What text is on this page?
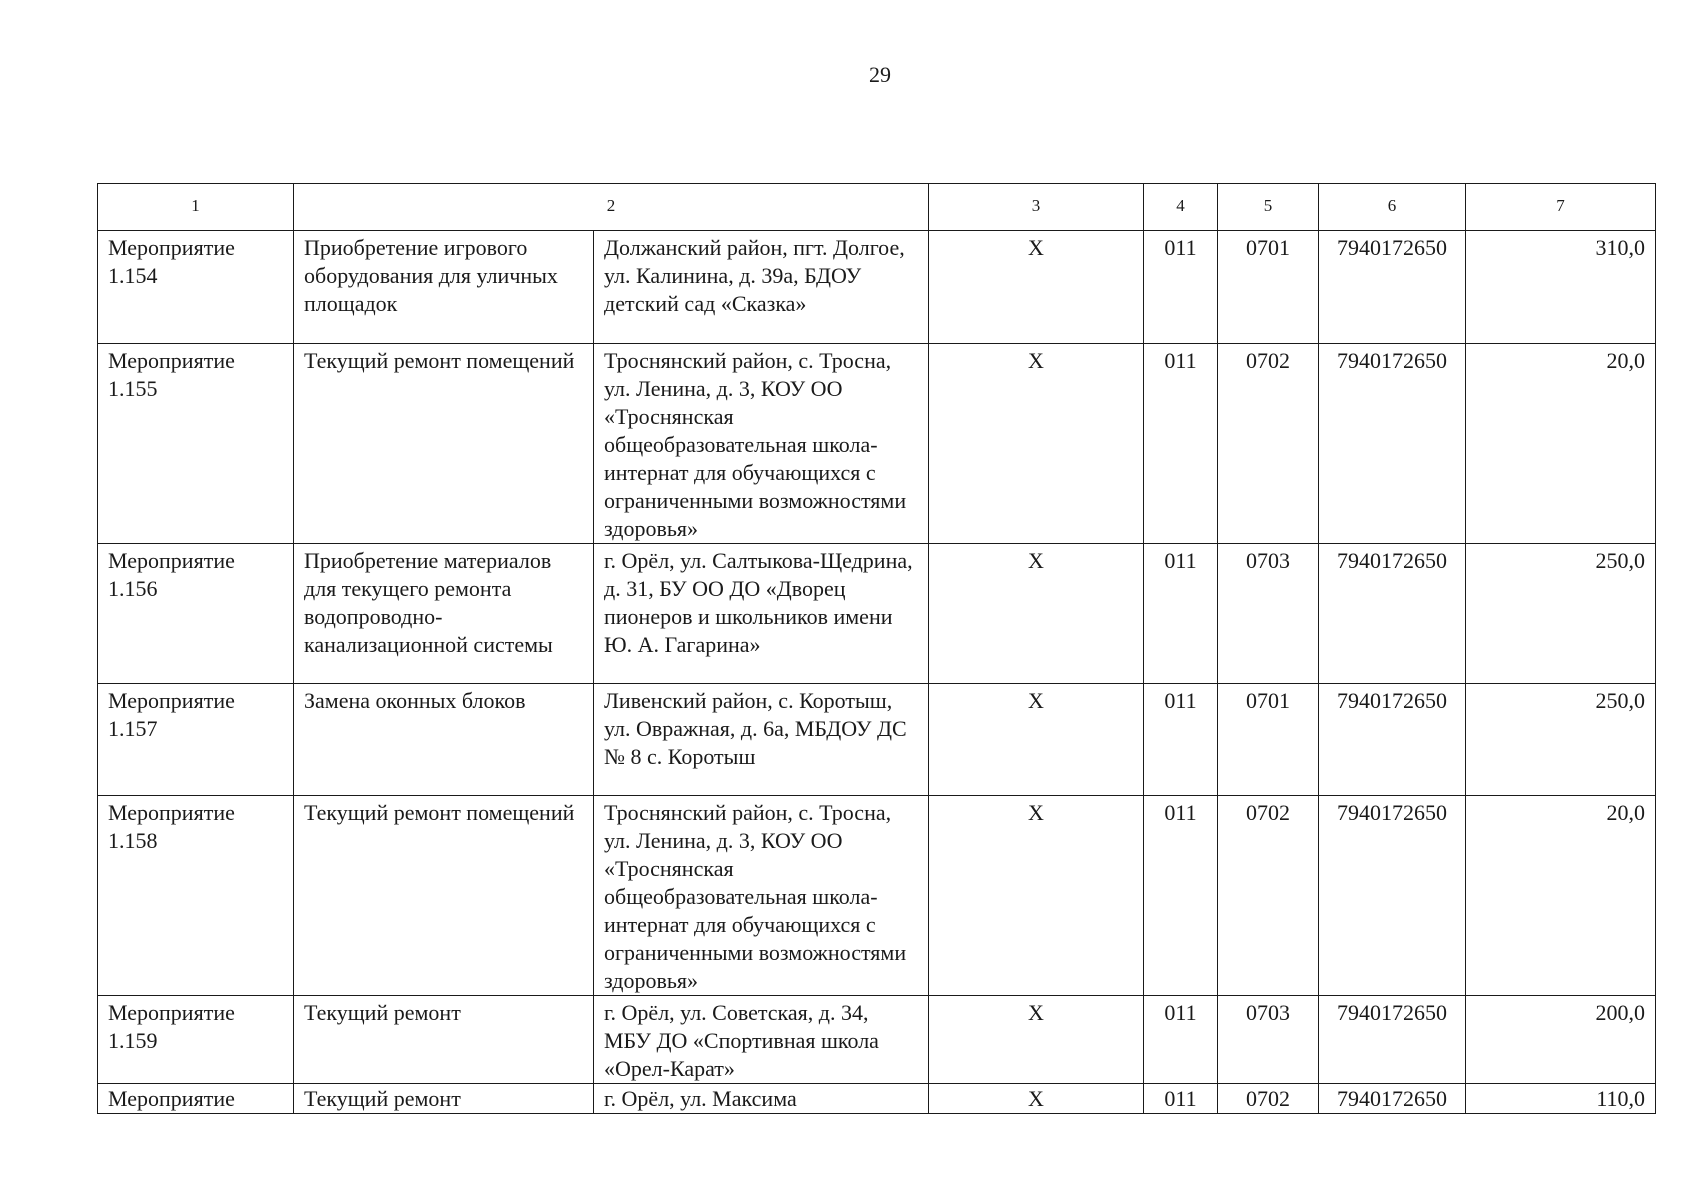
29
1	2		3	4	5	6	7
Мероприятие 1.154	Приобретение игрового оборудования для уличных площадок	Должанский район, пгт. Долгое, ул. Калинина, д. 39а, БДОУ детский сад «Сказка»	Х	011	0701	7940172650	310,0
Мероприятие 1.155	Текущий ремонт помещений	Троснянский район, с. Тросна, ул. Ленина, д. 3, КОУ ОО «Троснянская общеобразовательная школа-интернат для обучающихся с ограниченными возможностями здоровья»	Х	011	0702	7940172650	20,0
Мероприятие 1.156	Приобретение материалов для текущего ремонта водопроводно-канализационной системы	г. Орёл, ул. Салтыкова-Щедрина, д. 31, БУ ОО ДО «Дворец пионеров и школьников имени Ю. А. Гагарина»	Х	011	0703	7940172650	250,0
Мероприятие 1.157	Замена оконных блоков	Ливенский район, с. Коротыш, ул. Овражная, д. 6а, МБДОУ ДС № 8 с. Коротыш	Х	011	0701	7940172650	250,0
Мероприятие 1.158	Текущий ремонт помещений	Троснянский район, с. Тросна, ул. Ленина, д. 3, КОУ ОО «Троснянская общеобразовательная школа-интернат для обучающихся с ограниченными возможностями здоровья»	Х	011	0702	7940172650	20,0
Мероприятие 1.159	Текущий ремонт	г. Орёл, ул. Советская, д. 34, МБУ ДО «Спортивная школа «Орел-Карат»	Х	011	0703	7940172650	200,0
Мероприятие	Текущий ремонт	г. Орёл, ул. Максима	Х	011	0702	7940172650	110,0
